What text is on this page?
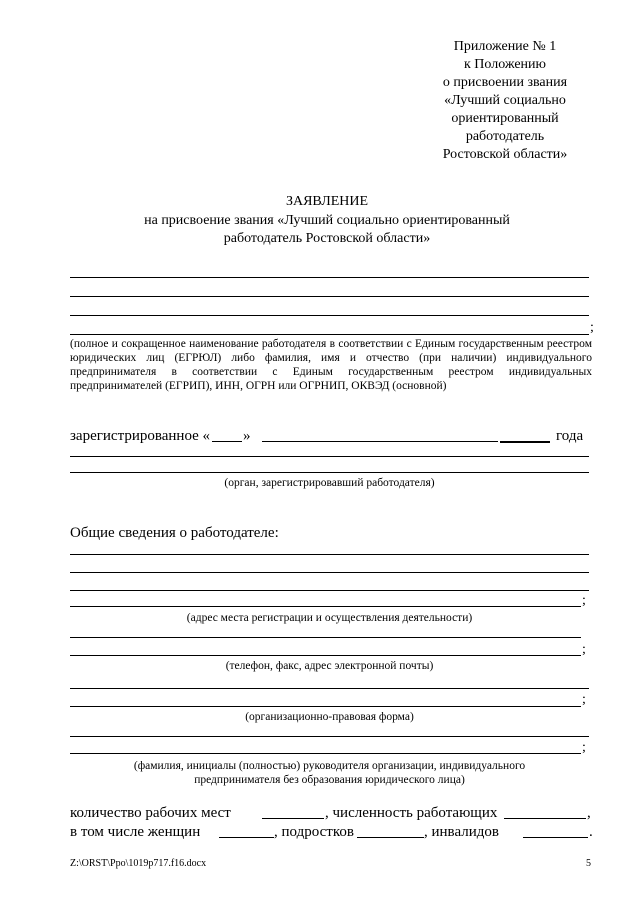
Приложение № 1
к Положению
о присвоении звания
«Лучший социально
ориентированный
работодатель
Ростовской области»
ЗАЯВЛЕНИЕ
на присвоение звания «Лучший социально ориентированный
работодатель Ростовской области»
;
(полное и сокращенное наименование работодателя в соответствии с Единым государственным реестром юридических лиц (ЕГРЮЛ) либо фамилия, имя и отчество (при наличии) индивидуального предпринимателя в соответствии с Единым государственным реестром индивидуальных предпринимателей (ЕГРИП), ИНН, ОГРН или ОГРНИП, ОКВЭД (основной)
зарегистрированное «	»	года
(орган, зарегистрировавший работодателя)
Общие сведения о работодателе:
;
(адрес места регистрации и осуществления деятельности)
;
(телефон, факс, адрес электронной почты)
;
(организационно-правовая форма)
;
(фамилия, инициалы (полностью) руководителя организации, индивидуального
предпринимателя без образования юридического лица)
количество рабочих мест	, численность работающих	,
в том числе женщин	, подростков	, инвалидов	.
Z:\ORST\Ppo\1019p717.f16.docx	5
